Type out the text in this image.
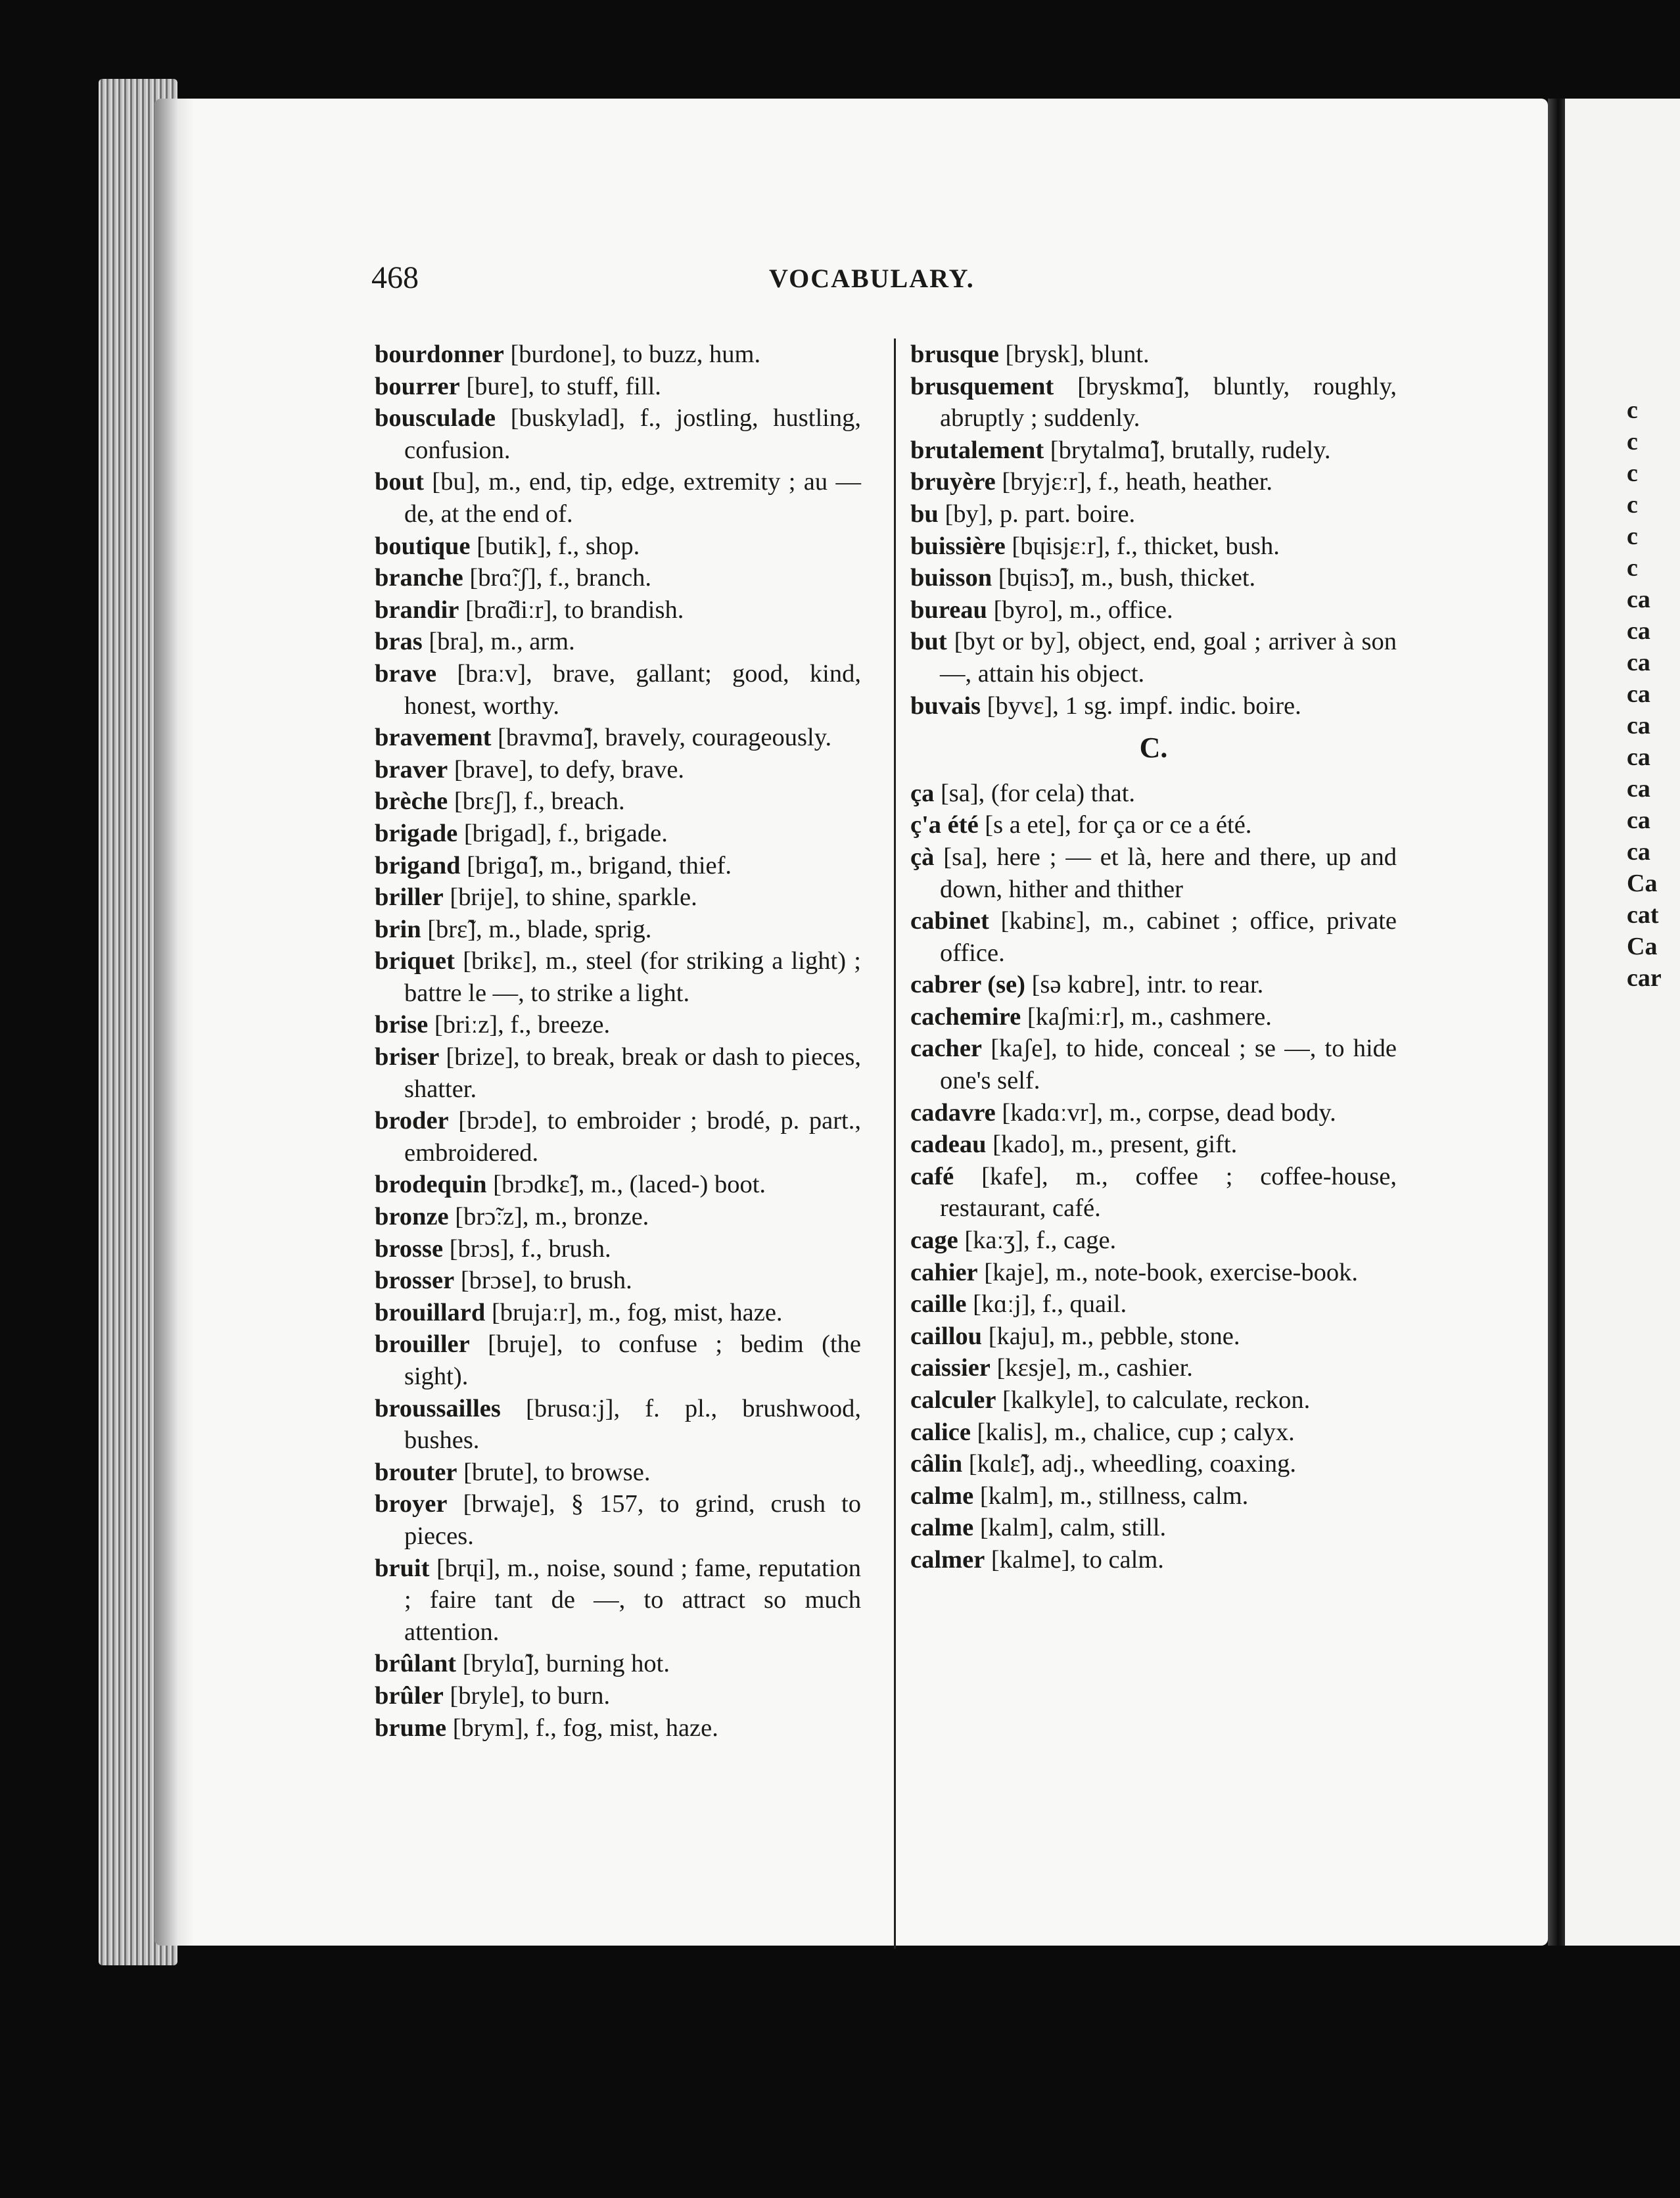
468	VOCABULARY.

bourdonner [burdone], to buzz, hum.

bourrer [bure], to stuff, fill.

bousculade [buskylad], f., jostling, hustling, confusion.

bout [bu], m., end, tip, edge, extremity ; au — de, at the end of.

boutique [butik], f., shop.

branche [brɑ̃ːʃ], f., branch.

brandir [brɑ̃diːr], to brandish.

bras [bra], m., arm.

brave [braːv], brave, gallant; good, kind, honest, worthy.

bravement [bravmɑ̃], bravely, courageously.

braver [brave], to defy, brave.

brèche [brɛʃ], f., breach.

brigade [brigad], f., brigade.

brigand [brigɑ̃], m., brigand, thief.

briller [brije], to shine, sparkle.

brin [brɛ̃], m., blade, sprig.

briquet [brikɛ], m., steel (for striking a light) ; battre le —, to strike a light.

brise [briːz], f., breeze.

briser [brize], to break, break or dash to pieces, shatter.

broder [brɔde], to embroider ; brodé, p. part., embroidered.

brodequin [brɔdkɛ̃], m., (laced-) boot.

bronze [brɔ̃ːz], m., bronze.

brosse [brɔs], f., brush.

brosser [brɔse], to brush.

brouillard [brujaːr], m., fog, mist, haze.

brouiller [bruje], to confuse ; bedim (the sight).

broussailles [brusɑːj], f. pl., brushwood, bushes.

brouter [brute], to browse.

broyer [brwaje], § 157, to grind, crush to pieces.

bruit [brɥi], m., noise, sound ; fame, reputation ; faire tant de —, to attract so much attention.

brûlant [brylɑ̃], burning hot.

brûler [bryle], to burn.

brume [brym], f., fog, mist, haze.

brusque [brysk], blunt.

brusquement [bryskmɑ̃], bluntly, roughly, abruptly ; suddenly.

brutalement [brytalmɑ̃], brutally, rudely.

bruyère [bryjɛːr], f., heath, heather.

bu [by], p. part. boire.

buissière [bɥisjɛːr], f., thicket, bush.

buisson [bɥisɔ̃], m., bush, thicket.

bureau [byro], m., office.

but [byt or by], object, end, goal ; arriver à son —, attain his object.

buvais [byvɛ], 1 sg. impf. indic. boire.

C.

ça [sa], (for cela) that.

ç'a été [s a ete], for ça or ce a été.

çà [sa], here ; — et là, here and there, up and down, hither and thither

cabinet [kabinɛ], m., cabinet ; office, private office.

cabrer (se) [sə kɑbre], intr. to rear.

cachemire [kaʃmiːr], m., cashmere.

cacher [kaʃe], to hide, conceal ; se —, to hide one's self.

cadavre [kadɑːvr], m., corpse, dead body.

cadeau [kado], m., present, gift.

café [kafe], m., coffee ; coffee-house, restaurant, café.

cage [kaːʒ], f., cage.

cahier [kaje], m., note-book, exercise-book.

caille [kɑːj], f., quail.

caillou [kaju], m., pebble, stone.

caissier [kɛsje], m., cashier.

calculer [kalkyle], to calculate, reckon.

calice [kalis], m., chalice, cup ; calyx.

câlin [kɑlɛ̃], adj., wheedling, coaxing.

calme [kalm], m., stillness, calm.

calme [kalm], calm, still.

calmer [kalme], to calm.

c
c
c
c
c
c
ca
ca
ca
ca
ca
ca
ca
ca
ca
Ca
cat
Ca
car
